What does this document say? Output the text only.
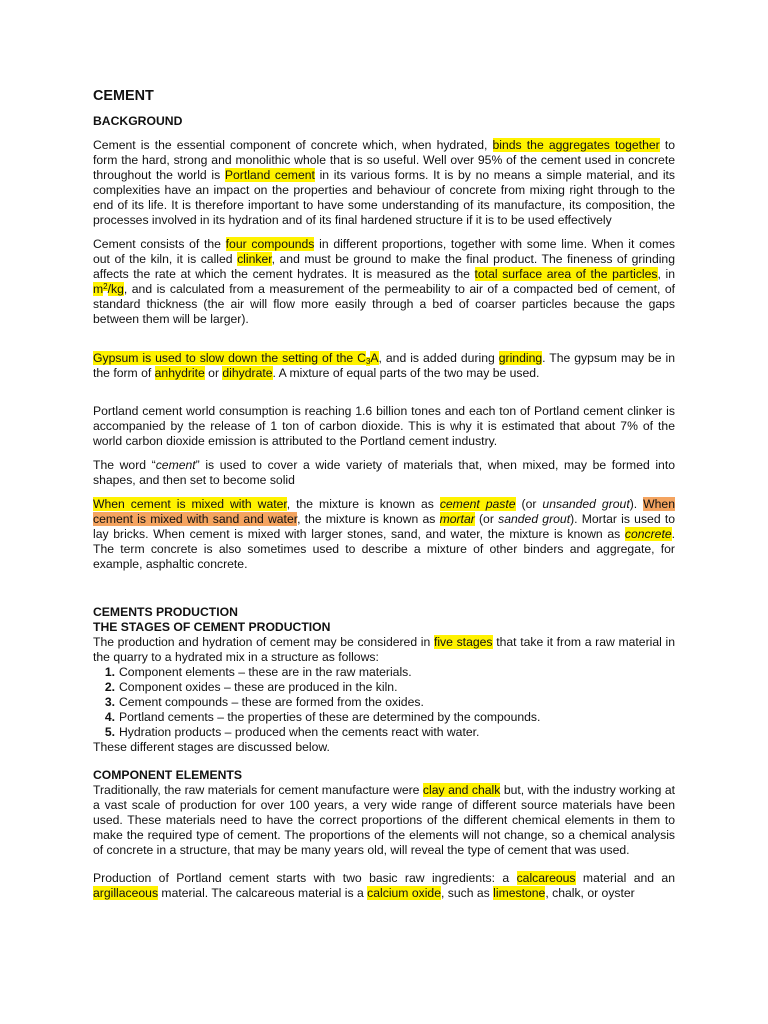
CEMENT
BACKGROUND

Cement is the essential component of concrete which, when hydrated, binds the aggregates together to form the hard, strong and monolithic whole that is so useful. Well over 95% of the cement used in concrete throughout the world is Portland cement in its various forms. It is by no means a simple material, and its complexities have an impact on the properties and behaviour of concrete from mixing right through to the end of its life. It is therefore important to have some understanding of its manufacture, its composition, the processes involved in its hydration and of its final hardened structure if it is to be used effectively

Cement consists of the four compounds in different proportions, together with some lime. When it comes out of the kiln, it is called clinker, and must be ground to make the final product. The fineness of grinding affects the rate at which the cement hydrates. It is measured as the total surface area of the particles, in $m^2/kg$, and is calculated from a measurement of the permeability to air of a compacted bed of cement, of standard thickness (the air will flow more easily through a bed of coarser particles because the gaps between them will be larger).

Gypsum is used to slow down the setting of the $C_3A$, and is added during grinding. The gypsum may be in the form of anhydrite or dihydrate. A mixture of equal parts of the two may be used.

Portland cement world consumption is reaching 1.6 billion tones and each ton of Portland cement clinker is accompanied by the release of 1 ton of carbon dioxide. This is why it is estimated that about 7% of the world carbon dioxide emission is attributed to the Portland cement industry.

The word “cement” is used to cover a wide variety of materials that, when mixed, may be formed into shapes, and then set to become solid

When cement is mixed with water, the mixture is known as cement paste (or unsanded grout). When cement is mixed with sand and water, the mixture is known as mortar (or sanded grout). Mortar is used to lay bricks. When cement is mixed with larger stones, sand, and water, the mixture is known as concrete. The term concrete is also sometimes used to describe a mixture of other binders and aggregate, for example, asphaltic concrete.

CEMENTS PRODUCTION
THE STAGES OF CEMENT PRODUCTION

The production and hydration of cement may be considered in five stages that take it from a raw material in the quarry to a hydrated mix in a structure as follows:

1. Component elements – these are in the raw materials.
2. Component oxides – these are produced in the kiln.
3. Cement compounds – these are formed from the oxides.
4. Portland cements – the properties of these are determined by the compounds.
5. Hydration products – produced when the cements react with water.

These different stages are discussed below.

COMPONENT ELEMENTS

Traditionally, the raw materials for cement manufacture were clay and chalk but, with the industry working at a vast scale of production for over 100 years, a very wide range of different source materials have been used. These materials need to have the correct proportions of the different chemical elements in them to make the required type of cement. The proportions of the elements will not change, so a chemical analysis of concrete in a structure, that may be many years old, will reveal the type of cement that was used.

Production of Portland cement starts with two basic raw ingredients: a calcareous material and an argillaceous material. The calcareous material is a calcium oxide, such as limestone, chalk, or oyster
